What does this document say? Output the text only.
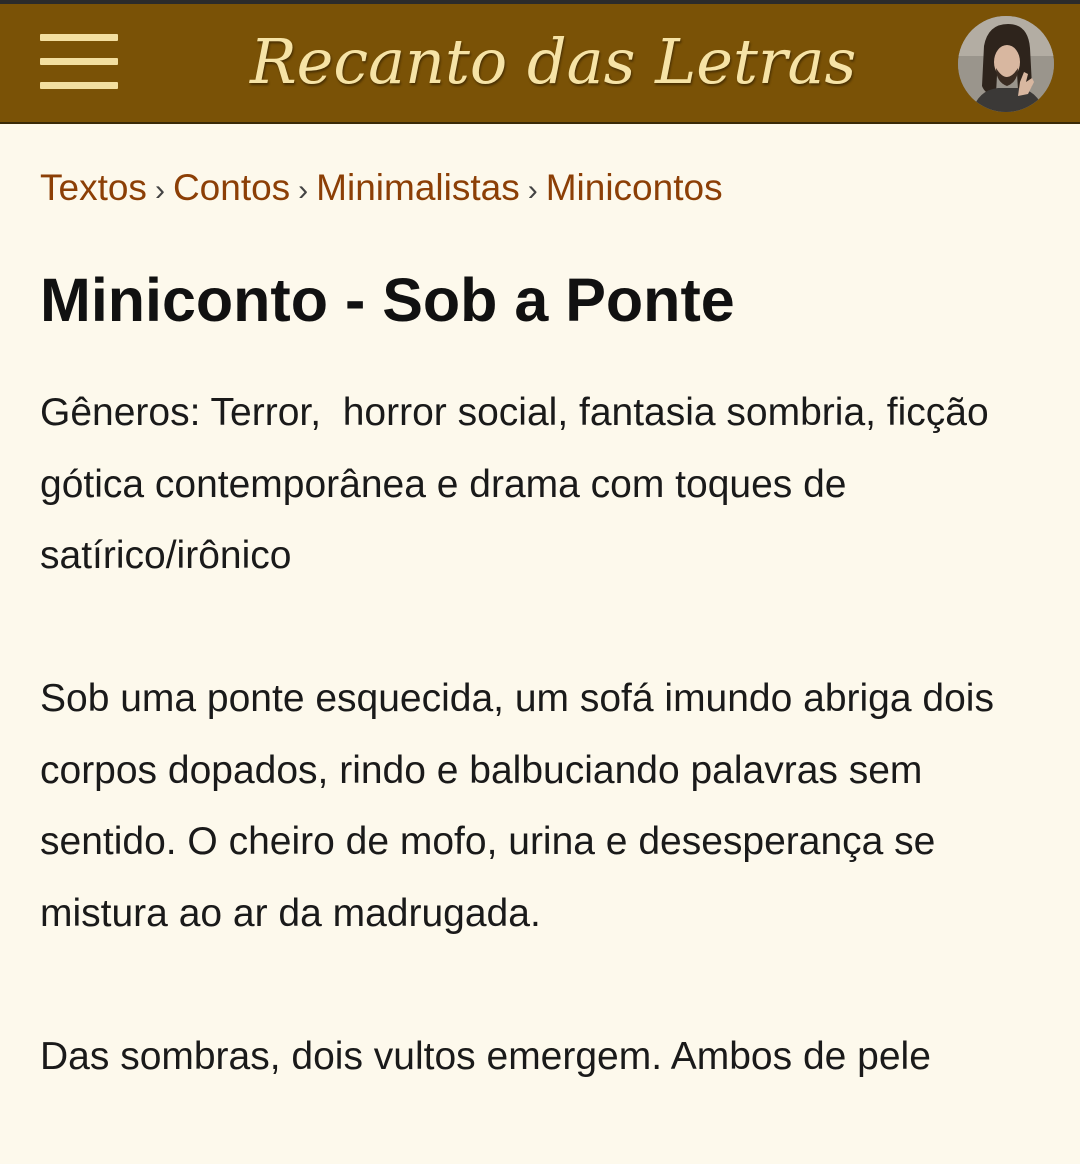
Recanto das Letras
Textos › Contos › Minimalistas › Minicontos
Miniconto - Sob a Ponte

Gêneros: Terror,  horror social, fantasia sombria, ficção gótica contemporânea e drama com toques de satírico/irônico

Sob uma ponte esquecida, um sofá imundo abriga dois corpos dopados, rindo e balbuciando palavras sem sentido. O cheiro de mofo, urina e desesperança se mistura ao ar da madrugada.

Das sombras, dois vultos emergem. Ambos de pele
